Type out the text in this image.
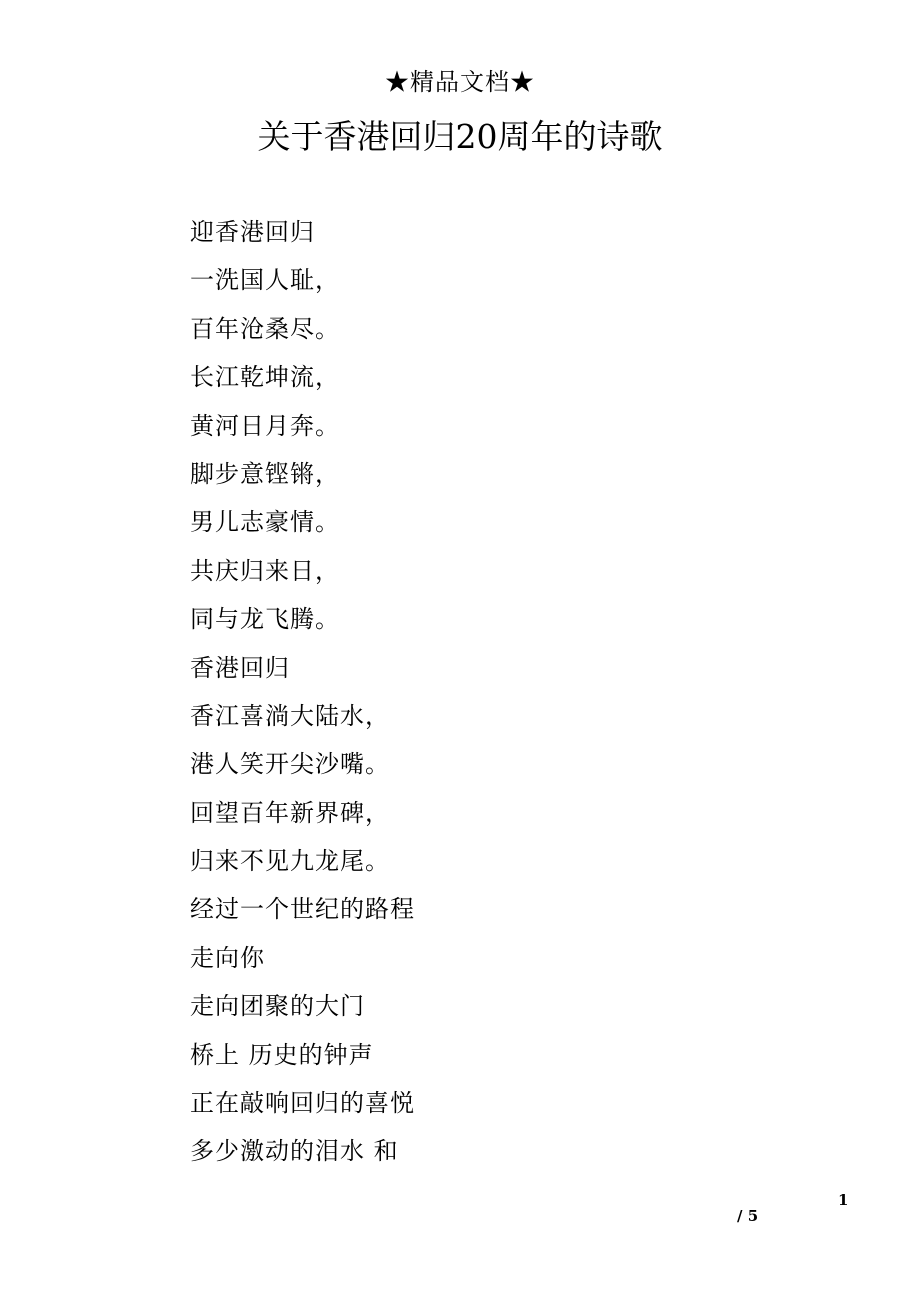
★精品文档★
关于香港回归20周年的诗歌
迎香港回归
一洗国人耻，
百年沧桑尽。
长江乾坤流，
黄河日月奔。
脚步意铿锵，
男儿志豪情。
共庆归来日，
同与龙飞腾。
香港回归
香江喜淌大陆水，
港人笑开尖沙嘴。
回望百年新界碑，
归来不见九龙尾。
经过一个世纪的路程
走向你
走向团聚的大门
桥上 历史的钟声
正在敲响回归的喜悦
多少激动的泪水 和
1
/ 5
